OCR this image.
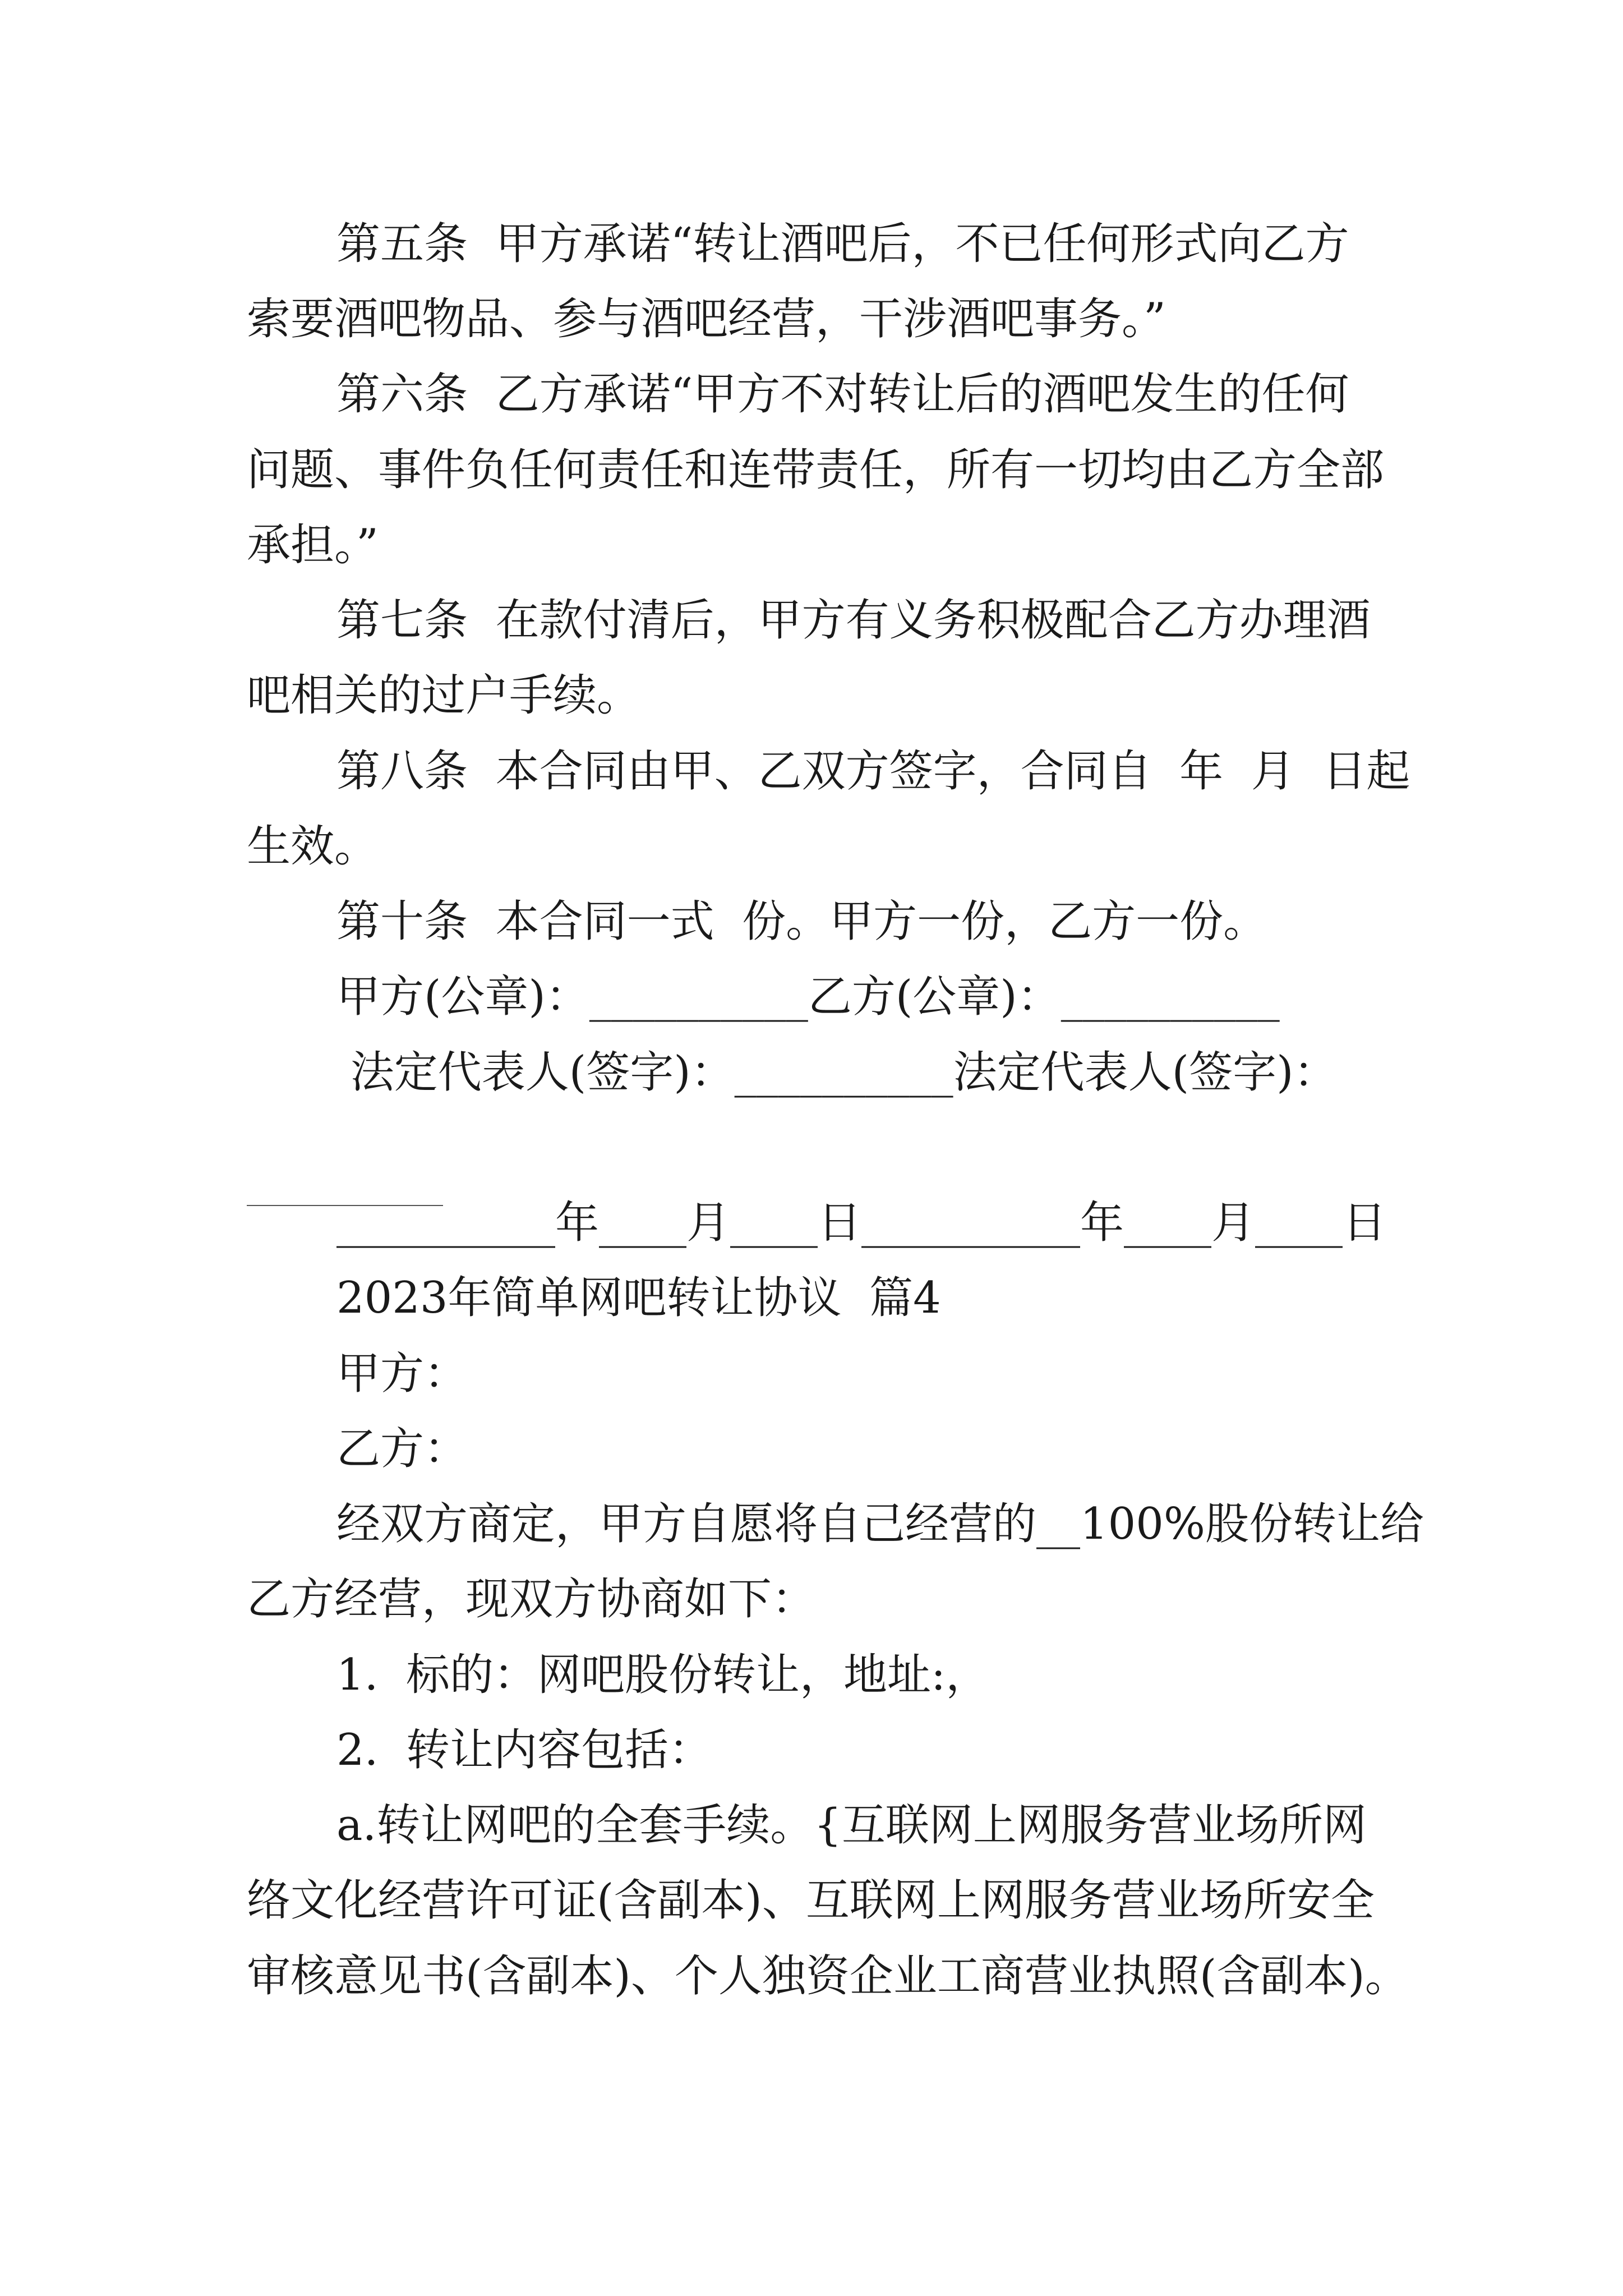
第五条  甲方承诺“转让酒吧后，不已任何形式向乙方
索要酒吧物品、参与酒吧经营，干涉酒吧事务。”
第六条  乙方承诺“甲方不对转让后的酒吧发生的任何
问题、事件负任何责任和连带责任，所有一切均由乙方全部
承担。”
第七条  在款付清后，甲方有义务积极配合乙方办理酒
吧相关的过户手续。
第八条  本合同由甲、乙双方签字，合同自  年  月  日起
生效。
第十条  本合同一式  份。甲方一份，乙方一份。
甲方(公章)：__________乙方(公章)：__________
法定代表人(签字)：__________法定代表人(签字)：
__________年____月____日__________年____月____日
2023年简单网吧转让协议  篇4
甲方：
乙方：
经双方商定，甲方自愿将自己经营的__100%股份转让给
乙方经营，现双方协商如下：
1.  标的：网吧股份转让，地址:，
2.  转让内容包括：
a.转让网吧的全套手续。{互联网上网服务营业场所网
络文化经营许可证(含副本)、互联网上网服务营业场所安全
审核意见书(含副本)、个人独资企业工商营业执照(含副本)。
